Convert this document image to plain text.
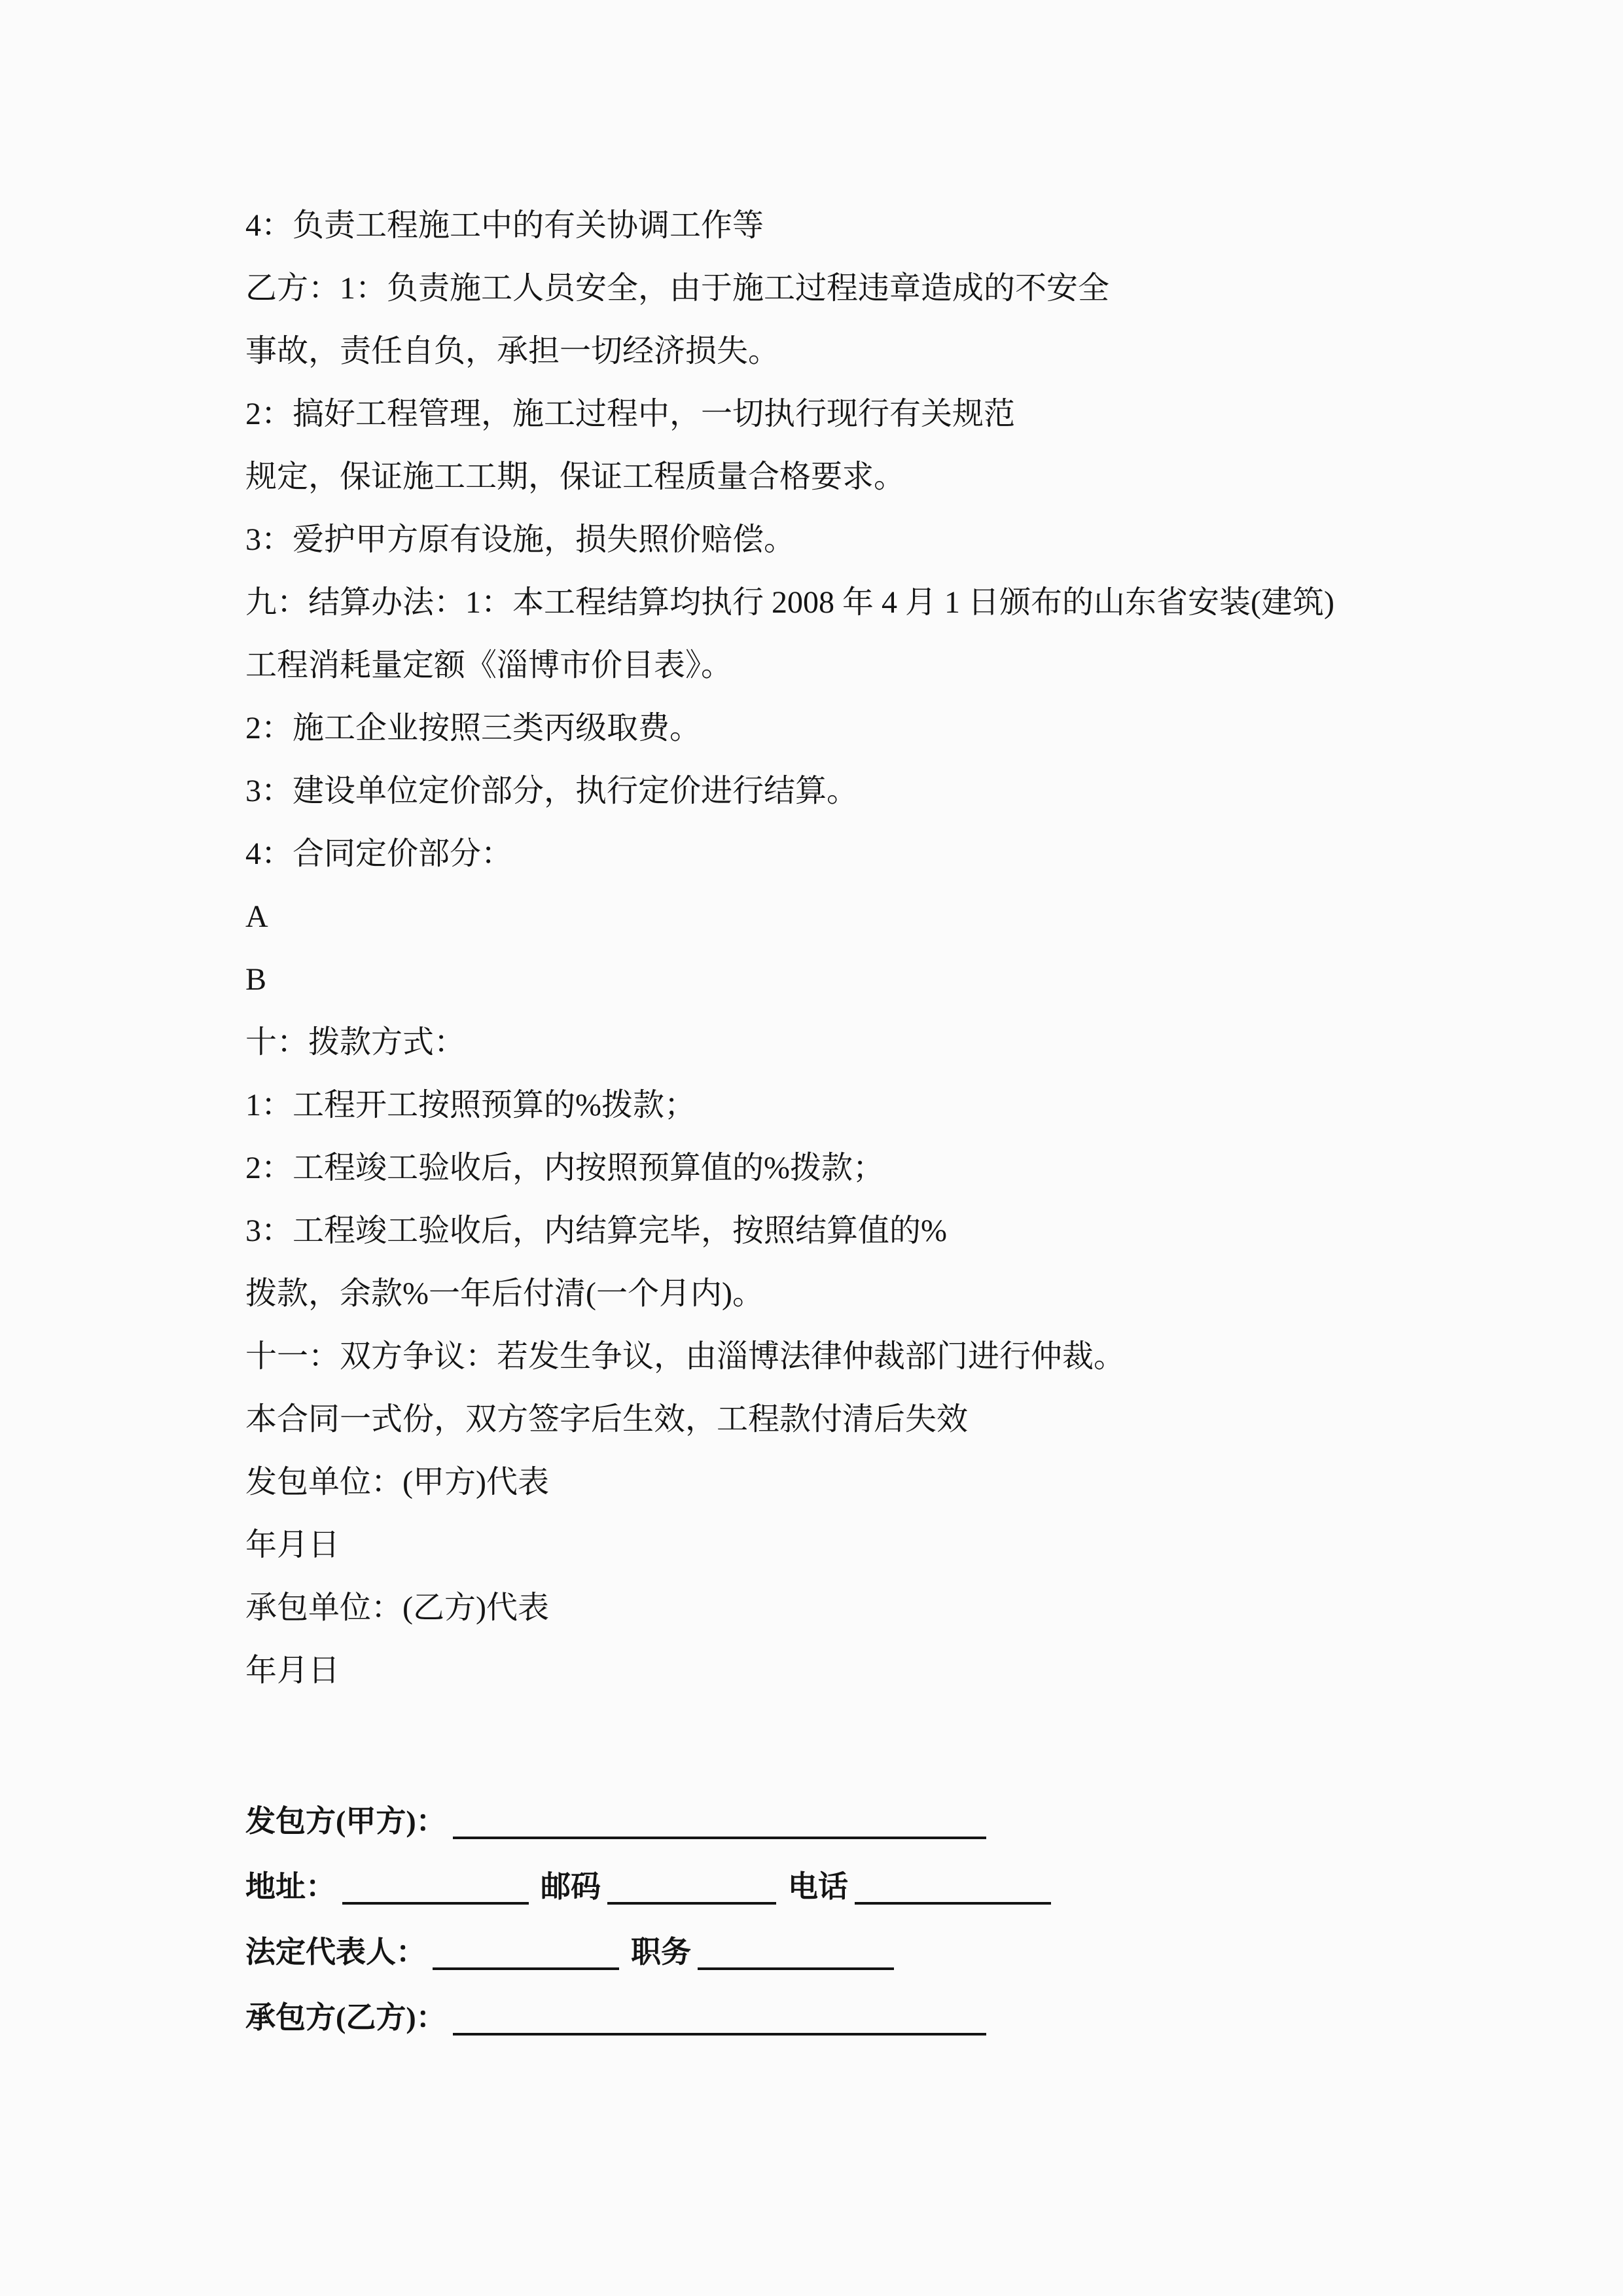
4：负责工程施工中的有关协调工作等

乙方：1：负责施工人员安全，由于施工过程违章造成的不安全

事故，责任自负，承担一切经济损失。

2：搞好工程管理，施工过程中，一切执行现行有关规范

规定，保证施工工期，保证工程质量合格要求。

3：爱护甲方原有设施，损失照价赔偿。

九：结算办法：1：本工程结算均执行 2008 年 4 月 1 日颁布的山东省安装(建筑)

工程消耗量定额《淄博市价目表》。

2：施工企业按照三类丙级取费。

3：建设单位定价部分，执行定价进行结算。

4：合同定价部分：

A

B

十：拨款方式：

1：工程开工按照预算的%拨款；

2：工程竣工验收后，内按照预算值的%拨款；

3：工程竣工验收后，内结算完毕，按照结算值的%

拨款，余款%一年后付清(一个月内)。

十一：双方争议：若发生争议，由淄博法律仲裁部门进行仲裁。

本合同一式份，双方签字后生效，工程款付清后失效

发包单位：(甲方)代表

年月日

承包单位：(乙方)代表

年月日

发包方(甲方)：

地址：	邮码	电话

法定代表人：	职务

承包方(乙方)：
